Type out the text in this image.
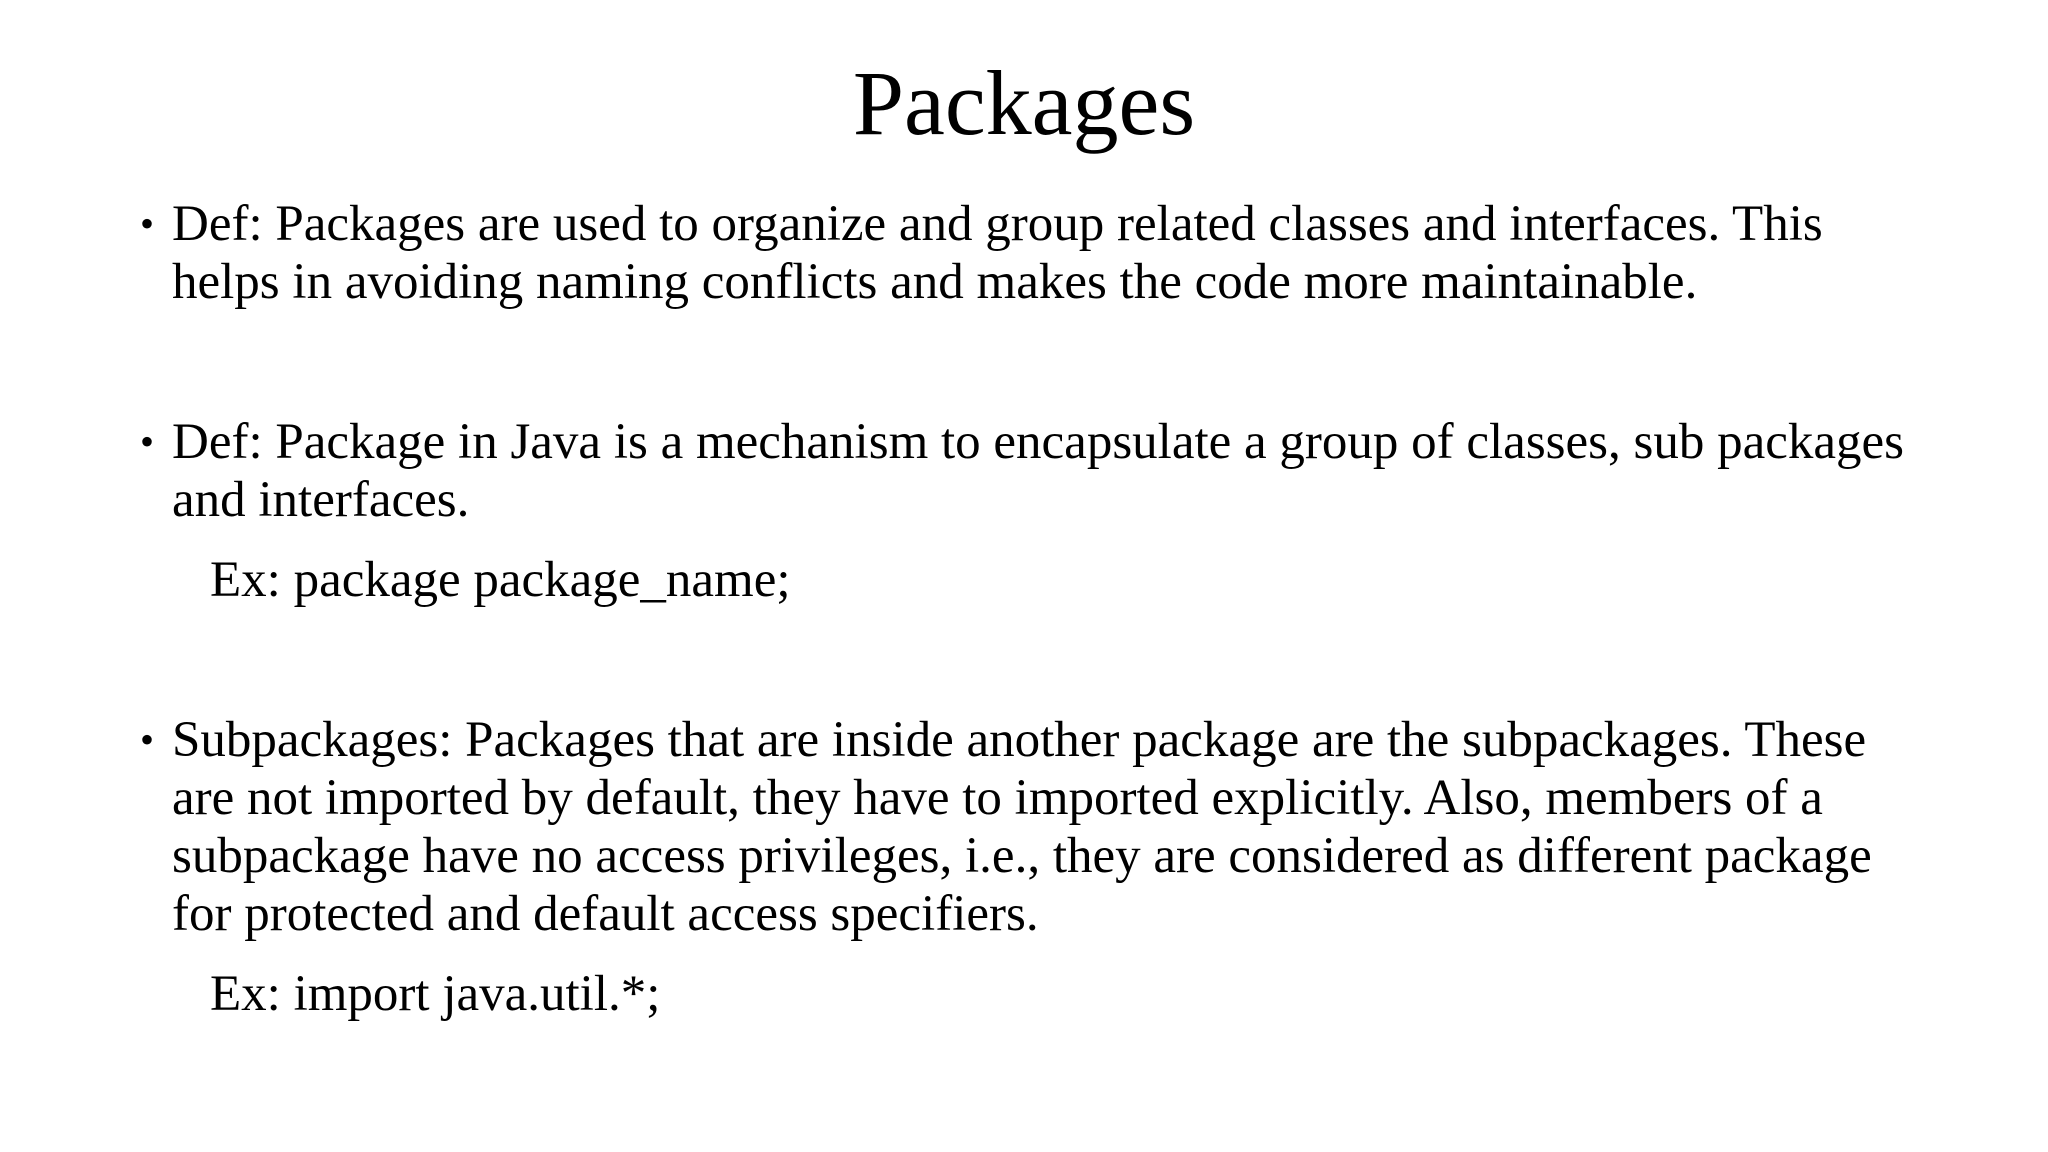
Packages

• Def: Packages are used to organize and group related classes and interfaces. This helps in avoiding naming conflicts and makes the code more maintainable.

• Def: Package in Java is a mechanism to encapsulate a group of classes, sub packages and interfaces.

Ex: package package_name;

• Subpackages: Packages that are inside another package are the subpackages. These are not imported by default, they have to imported explicitly. Also, members of a subpackage have no access privileges, i.e., they are considered as different package for protected and default access specifiers.

Ex: import java.util.*;
